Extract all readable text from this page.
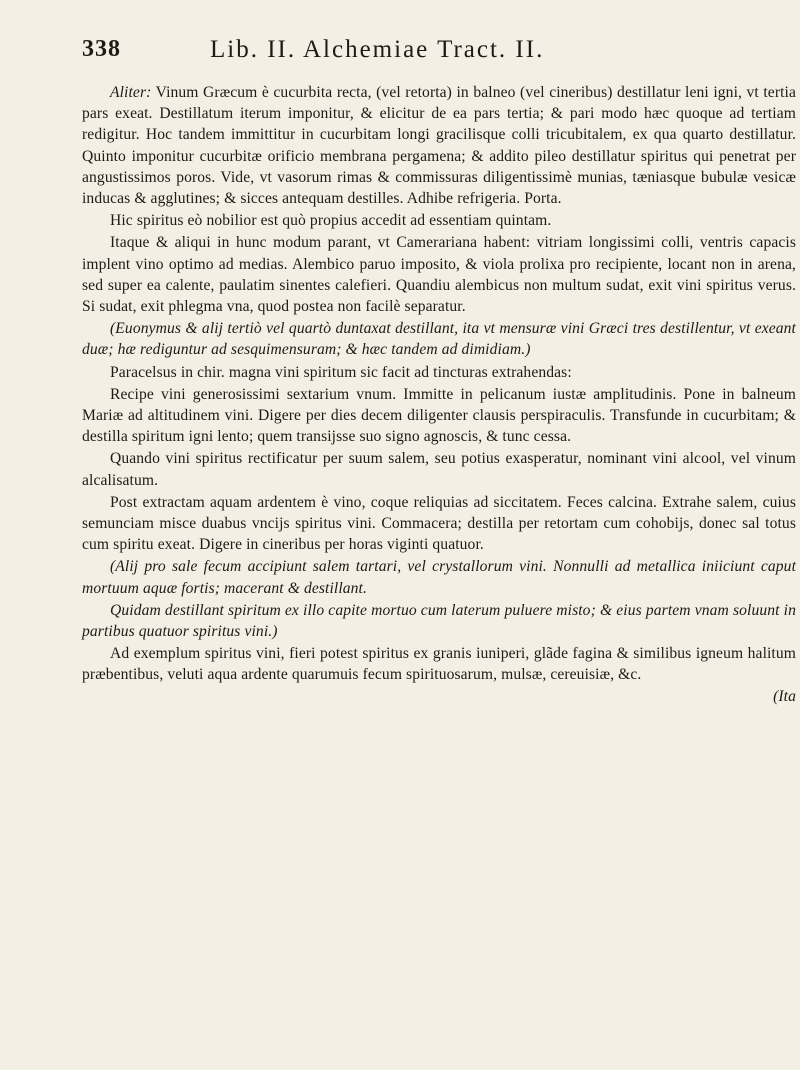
338	Lib. II. Alchemiae Tract. II.

Aliter: Vinum Græcum è cucurbita recta, (vel retorta) in balneo (vel cineribus) destillatur leni igni, vt tertia pars exeat. Destillatum iterum imponitur, & elicitur de ea pars tertia; & pari modo hæc quoque ad tertiam redigitur. Hoc tandem immittitur in cucurbitam longi gracilisque colli tricubitalem, ex qua quarto destillatur. Quinto imponitur cucurbitæ orificio membrana pergamena; & addito pileo destillatur spiritus qui penetrat per angustissimos poros. Vide, vt vasorum rimas & commissuras diligentissimè munias, tæniasque bubulæ vesicæ inducas & agglutines; & sicces antequam destilles. Adhibe refrigeria. Porta.

Hic spiritus eò nobilior est quò propius accedit ad essentiam quintam.

Itaque & aliqui in hunc modum parant, vt Camerariana habent: vitriam longissimi colli, ventris capacis implent vino optimo ad medias. Alembico paruo imposito, & viola prolixa pro recipiente, locant non in arena, sed super ea calente, paulatim sinentes calefieri. Quandiu alembicus non multum sudat, exit vini spiritus verus. Si sudat, exit phlegma vna, quod postea non facilè separatur.

(Euonymus & alij tertiò vel quartò duntaxat destillant, ita vt mensuræ vini Græci tres destillentur, vt exeant duæ; hæ rediguntur ad sesquimensuram; & hæc tandem ad dimidiam.)

Paracelsus in chir. magna vini spiritum sic facit ad tincturas extrahendas:

Recipe vini generosissimi sextarium vnum. Immitte in pelicanum iustæ amplitudinis. Pone in balneum Mariæ ad altitudinem vini. Digere per dies decem diligenter clausis perspiraculis. Transfunde in cucurbitam; & destilla spiritum igni lento; quem transijsse suo signo agnoscis, & tunc cessa.

Quando vini spiritus rectificatur per suum salem, seu potius exasperatur, nominant vini alcool, vel vinum alcalisatum.

Post extractam aquam ardentem è vino, coque reliquias ad siccitatem. Feces calcina. Extrahe salem, cuius semunciam misce duabus vncijs spiritus vini. Commacera; destilla per retortam cum cohobijs, donec sal totus cum spiritu exeat. Digere in cineribus per horas viginti quatuor.

(Alij pro sale fecum accipiunt salem tartari, vel crystallorum vini. Nonnulli ad metallica iniiciunt caput mortuum aquæ fortis; macerant & destillant.

Quidam destillant spiritum ex illo capite mortuo cum laterum puluere misto; & eius partem vnam soluunt in partibus quatuor spiritus vini.)

Ad exemplum spiritus vini, fieri potest spiritus ex granis iuniperi, glãde fagina & similibus igneum halitum præbentibus, veluti aqua ardente quarumuis fecum spirituosarum, mulsæ, cereuisiæ, &c.

(Ita
